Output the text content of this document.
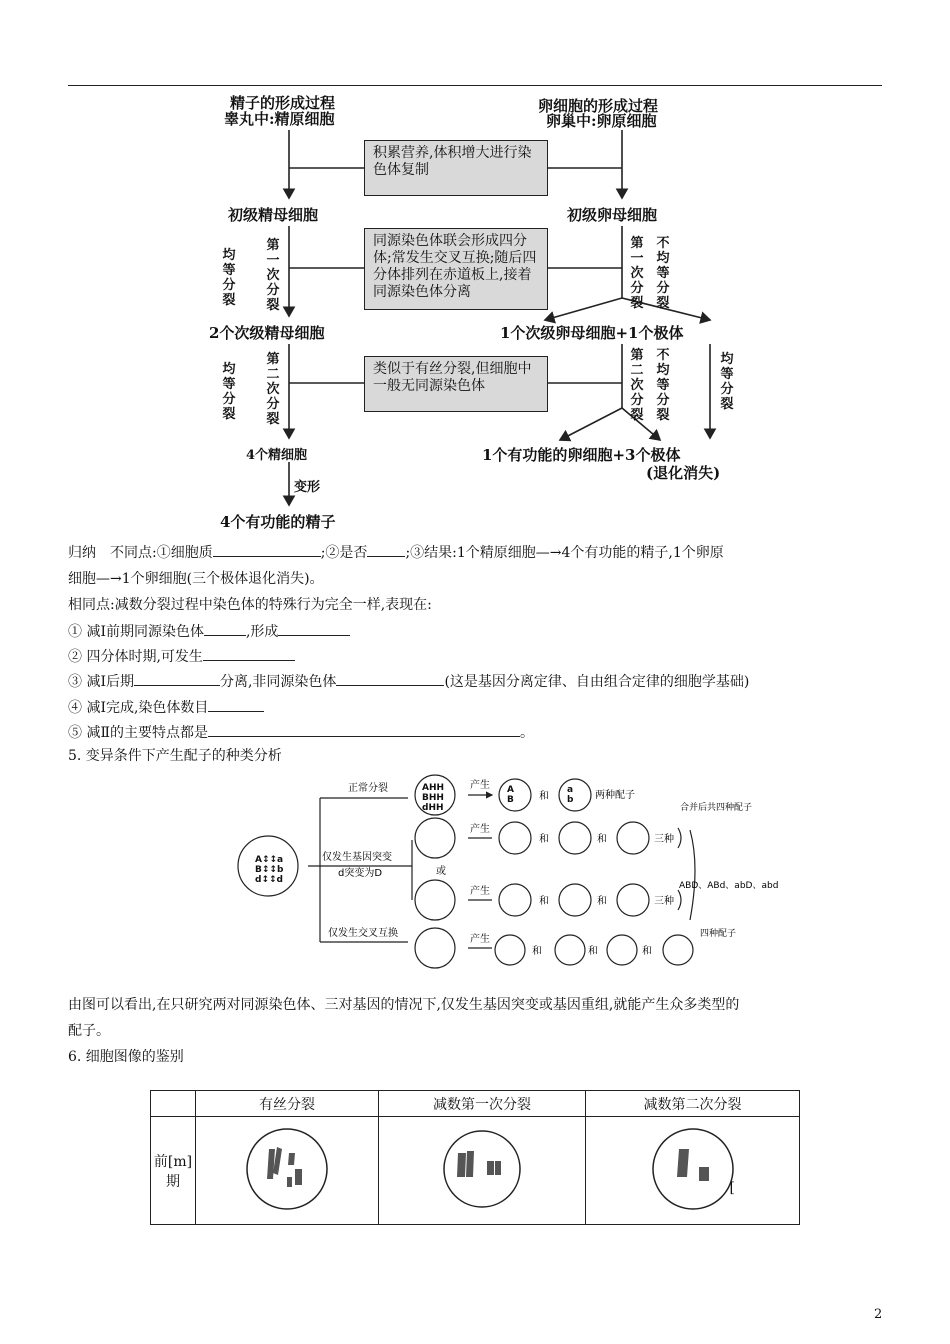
精子的形成过程
睾丸中:精原细胞
卵细胞的形成过程
卵巢中:卵原细胞
积累营养,体积增大进行染色体复制
初级精母细胞	初级卵母细胞
均等分裂
第一次分裂
第一次分裂
不均等分裂
同源染色体联会形成四分体;常发生交叉互换;随后四分体排列在赤道板上,接着同源染色体分离
2个次级精母细胞	1个次级卵母细胞+1个极体
均等分裂
第二次分裂
第二次分裂
不均等分裂
均等分裂
类似于有丝分裂,但细胞中一般无同源染色体
4个精细胞	1个有功能的卵细胞+3个极体
(退化消失)
变形
4个有功能的精子
归纳　不同点:①细胞质	;②是否	;③结果:1个精原细胞—→4个有功能的精子,1个卵原
细胞—→1个卵细胞(三个极体退化消失)。
相同点:减数分裂过程中染色体的特殊行为完全一样,表现在:
① 减Ⅰ前期同源染色体	,形成
② 四分体时期,可发生
③ 减Ⅰ后期	分离,非同源染色体	(这是基因分离定律、自由组合定律的细胞学基础)
④ 减Ⅰ完成,染色体数目
⑤ 减Ⅱ的主要特点都是	。
5. 变异条件下产生配子的种类分析
A↕↕a
B↕↕b
d↕↕d
AHH
BHH
dHH
A
B
a
b
正常分裂	产生
和	两种配子
仅发生基因突变
d突变为D	或
产生
产生
和	和
和	和
三种
三种
合并后共四种配子
ABD、ABd、abD、abd
仅发生交叉互换
产生
和	和	和
四种配子
由图可以看出,在只研究两对同源染色体、三对基因的情况下,仅发生基因突变或基因重组,就能产生众多类型的
配子。
6. 细胞图像的鉴别
	有丝分裂	减数第一次分裂	减数第二次分裂

前[m]
期			[
2
